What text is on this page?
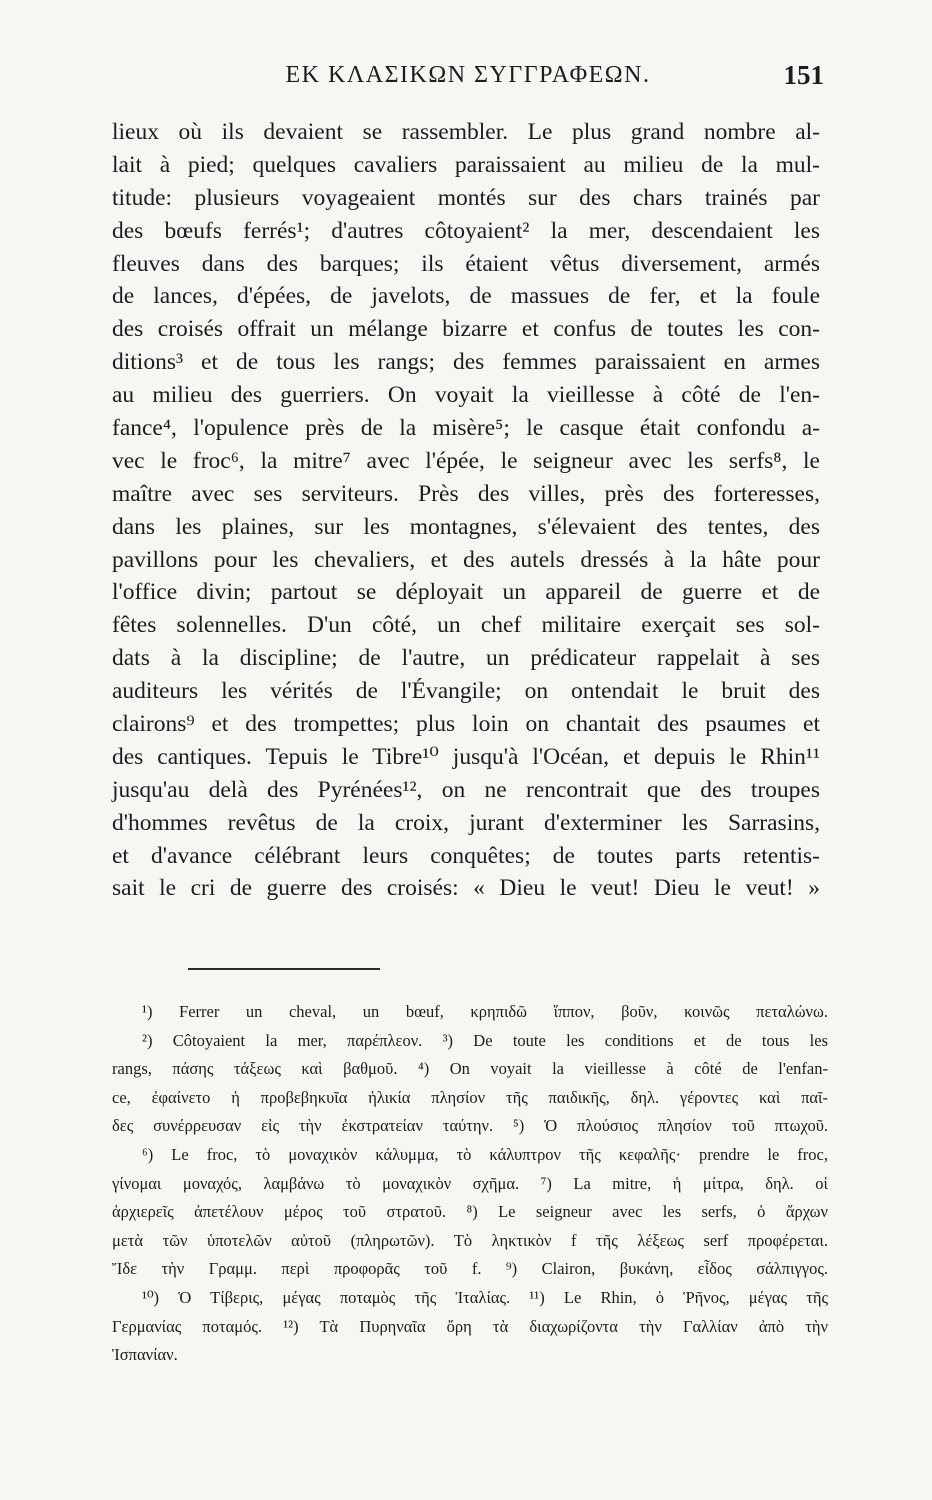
ΕΚ ΚΛΑΣΙΚΩΝ ΣΥΓΓΡΑΦΕΩΝ.	151
lieux où ils devaient se rassembler. Le plus grand nombre al-
lait à pied; quelques cavaliers paraissaient au milieu de la mul-
titude: plusieurs voyageaient montés sur des chars trainés par
des bœufs ferrés¹; d'autres côtoyaient² la mer, descendaient les
fleuves dans des barques; ils étaient vêtus diversement, armés
de lances, d'épées, de javelots, de massues de fer, et la foule
des croisés offrait un mélange bizarre et confus de toutes les con-
ditions³ et de tous les rangs; des femmes paraissaient en armes
au milieu des guerriers. On voyait la vieillesse à côté de l'en-
fance⁴, l'opulence près de la misère⁵; le casque était confondu a-
vec le froc⁶, la mitre⁷ avec l'épée, le seigneur avec les serfs⁸, le
maître avec ses serviteurs. Près des villes, près des forteresses,
dans les plaines, sur les montagnes, s'élevaient des tentes, des
pavillons pour les chevaliers, et des autels dressés à la hâte pour
l'office divin; partout se déployait un appareil de guerre et de
fêtes solennelles. D'un côté, un chef militaire exerçait ses sol-
dats à la discipline; de l'autre, un prédicateur rappelait à ses
auditeurs les vérités de l'Évangile; on ontendait le bruit des
clairons⁹ et des trompettes; plus loin on chantait des psaumes et
des cantiques. Tepuis le Tibre¹⁰ jusqu'à l'Océan, et depuis le Rhin¹¹
jusqu'au delà des Pyrénées¹², on ne rencontrait que des troupes
d'hommes revêtus de la croix, jurant d'exterminer les Sarrasins,
et d'avance célébrant leurs conquêtes; de toutes parts retentis-
sait le cri de guerre des croisés: « Dieu le veut! Dieu le veut! »
¹) Ferrer un cheval, un bœuf, κρηπιδῶ ἵππον, βοῦν, κοινῶς πεταλώνω.
²) Côtoyaient la mer, παρέπλεον. ³) De toute les conditions et de tous les
rangs, πάσης τάξεως καὶ βαθμοῦ. ⁴) On voyait la vieillesse à côté de l'enfan-
ce, ἐφαίνετο ἡ προβεβηκυῖα ἡλικία πλησίον τῆς παιδικῆς, δηλ. γέροντες καὶ παῖ-
δες συνέρρευσαν εἰς τὴν ἐκστρατείαν ταύτην. ⁵) Ὁ πλούσιος πλησίον τοῦ πτωχοῦ.
⁶) Le froc, τὸ μοναχικὸν κάλυμμα, τὸ κάλυπτρον τῆς κεφαλῆς· prendre le froc,
γίνομαι μοναχός, λαμβάνω τὸ μοναχικὸν σχῆμα. ⁷) La mitre, ἡ μίτρα, δηλ. οἱ
ἀρχιερεῖς ἀπετέλουν μέρος τοῦ στρατοῦ. ⁸) Le seigneur avec les serfs, ὁ ἄρχων
μετὰ τῶν ὑποτελῶν αὐτοῦ (πληρωτῶν). Τὸ ληκτικὸν f τῆς λέξεως serf προφέρεται.
Ἴδε τὴν Γραμμ. περὶ προφορᾶς τοῦ f. ⁹) Clairon, βυκάνη, εἶδος σάλπιγγος.
¹⁰) Ὁ Τίβερις, μέγας ποταμὸς τῆς Ἰταλίας. ¹¹) Le Rhin, ὁ Ῥῆνος, μέγας τῆς
Γερμανίας ποταμός. ¹²) Τὰ Πυρηναῖα ὄρη τὰ διαχωρίζοντα τὴν Γαλλίαν ἀπὸ τὴν
Ἱσπανίαν.
